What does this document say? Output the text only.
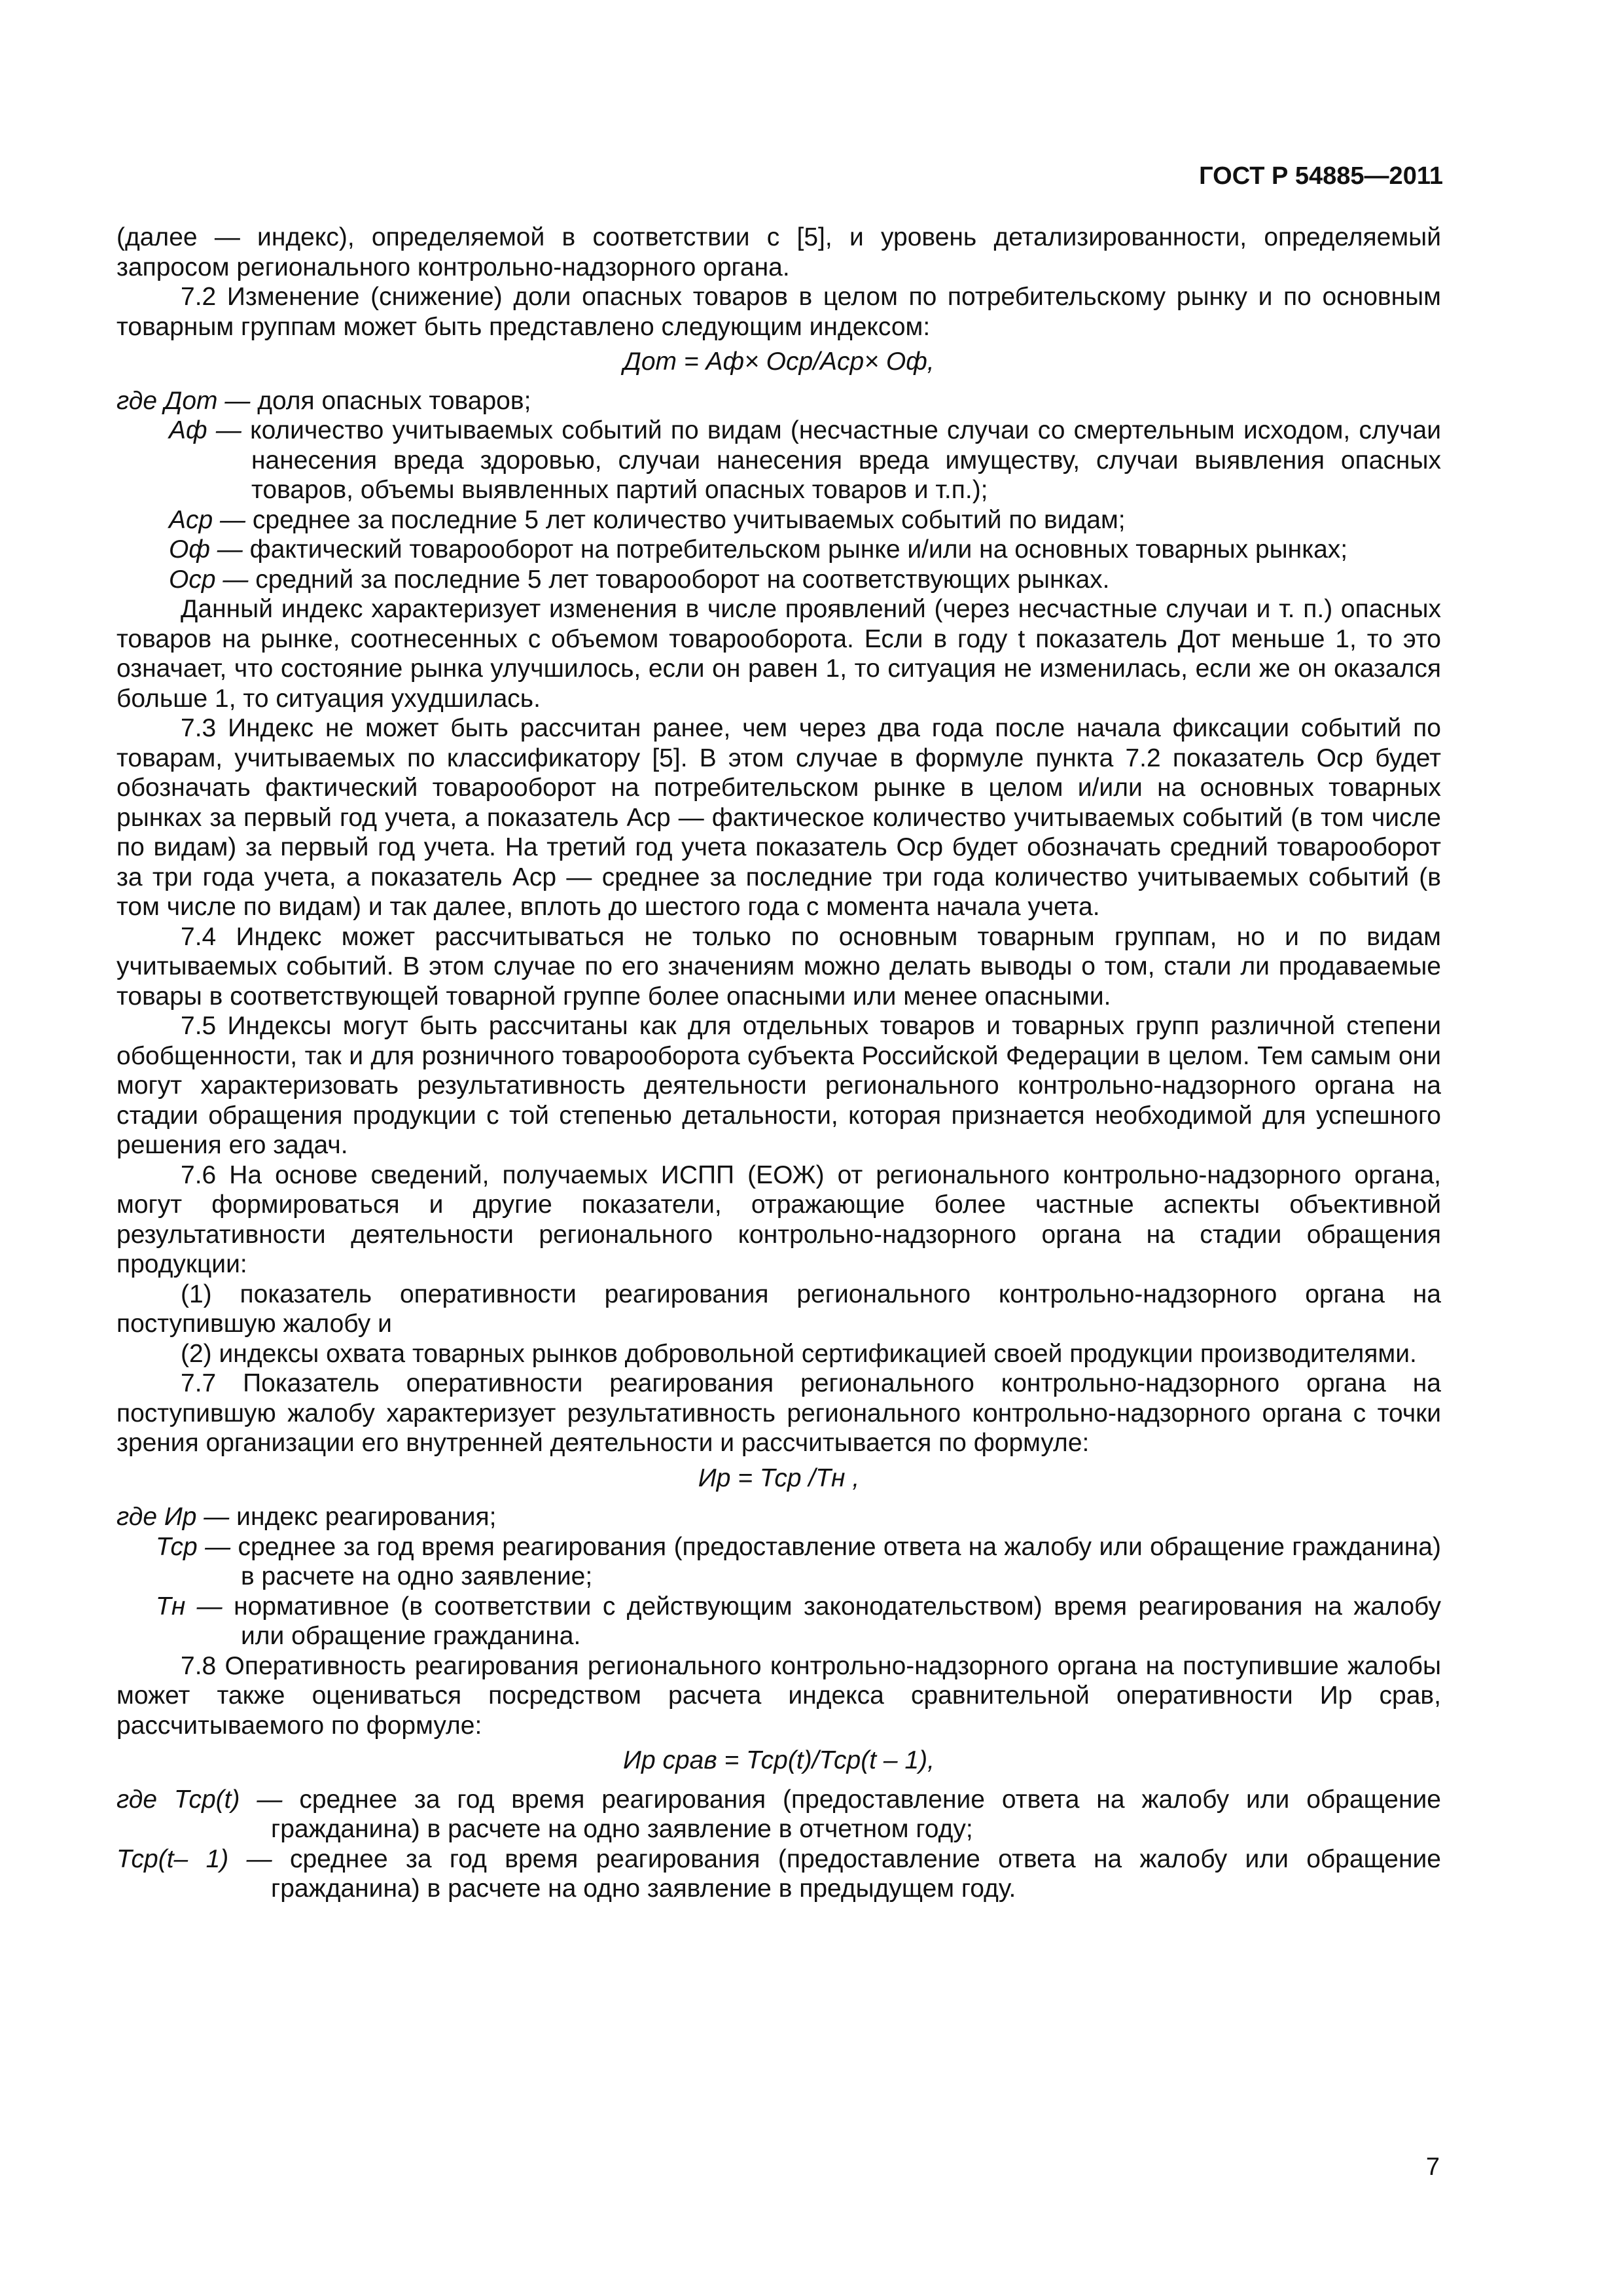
ГОСТ Р 54885—2011

(далее — индекс), определяемой в соответствии с [5], и уровень детализированности, определяемый запросом регионального контрольно-надзорного органа.

7.2 Изменение (снижение) доли опасных товаров в целом по потребительскому рынку и по основным товарным группам может быть представлено следующим индексом:

Дот = Aф× Oср/Aср× Oф,

где Дот — доля опасных товаров;

Aф — количество учитываемых событий по видам (несчастные случаи со смертельным исходом, случаи нанесения вреда здоровью, случаи нанесения вреда имуществу, случаи выявления опасных товаров, объемы выявленных партий опасных товаров и т.п.);

Aср — среднее за последние 5 лет количество учитываемых событий по видам;

Oф — фактический товарооборот на потребительском рынке и/или на основных товарных рынках;

Oср — средний за последние 5 лет товарооборот на соответствующих рынках.

Данный индекс характеризует изменения в числе проявлений (через несчастные случаи и т. п.) опасных товаров на рынке, соотнесенных с объемом товарооборота. Если в году t показатель Дот меньше 1, то это означает, что состояние рынка улучшилось, если он равен 1, то ситуация не изменилась, если же он оказался больше 1, то ситуация ухудшилась.

7.3 Индекс не может быть рассчитан ранее, чем через два года после начала фиксации событий по товарам, учитываемых по классификатору [5]. В этом случае в формуле пункта 7.2 показатель Oср будет обозначать фактический товарооборот на потребительском рынке в целом и/или на основных товарных рынках за первый год учета, а показатель Aср — фактическое количество учитываемых событий (в том числе по видам) за первый год учета. На третий год учета показатель Oср будет обозначать средний товарооборот за три года учета, а показатель Aср — среднее за последние три года количество учитываемых событий (в том числе по видам) и так далее, вплоть до шестого года с момента начала учета.

7.4 Индекс может рассчитываться не только по основным товарным группам, но и по видам учитываемых событий. В этом случае по его значениям можно делать выводы о том, стали ли продаваемые товары в соответствующей товарной группе более опасными или менее опасными.

7.5 Индексы могут быть рассчитаны как для отдельных товаров и товарных групп различной степени обобщенности, так и для розничного товарооборота субъекта Российской Федерации в целом. Тем самым они могут характеризовать результативность деятельности регионального контрольно-надзорного органа на стадии обращения продукции с той степенью детальности, которая признается необходимой для успешного решения его задач.

7.6 На основе сведений, получаемых ИСПП (ЕОЖ) от регионального контрольно-надзорного органа, могут формироваться и другие показатели, отражающие более частные аспекты объективной результативности деятельности регионального контрольно-надзорного органа на стадии обращения продукции:

(1) показатель оперативности реагирования регионального контрольно-надзорного органа на поступившую жалобу и

(2) индексы охвата товарных рынков добровольной сертификацией своей продукции производителями.

7.7 Показатель оперативности реагирования регионального контрольно-надзорного органа на поступившую жалобу характеризует результативность регионального контрольно-надзорного органа с точки зрения организации его внутренней деятельности и рассчитывается по формуле:

Ир = Тср /Тн ,

где Ир — индекс реагирования;

Тср — среднее за год время реагирования (предоставление ответа на жалобу или обращение гражданина) в расчете на одно заявление;

Тн — нормативное (в соответствии с действующим законодательством) время реагирования на жалобу или обращение гражданина.

7.8 Оперативность реагирования регионального контрольно-надзорного органа на поступившие жалобы может также оцениваться посредством расчета индекса сравнительной оперативности Ир срав, рассчитываемого по формуле:

Ир срав = Тср(t)/Тср(t – 1),

где Тср(t) — среднее за год время реагирования (предоставление ответа на жалобу или обращение гражданина) в расчете на одно заявление в отчетном году;

Тср(t– 1) — среднее за год время реагирования (предоставление ответа на жалобу или обращение гражданина) в расчете на одно заявление в предыдущем году.

7
